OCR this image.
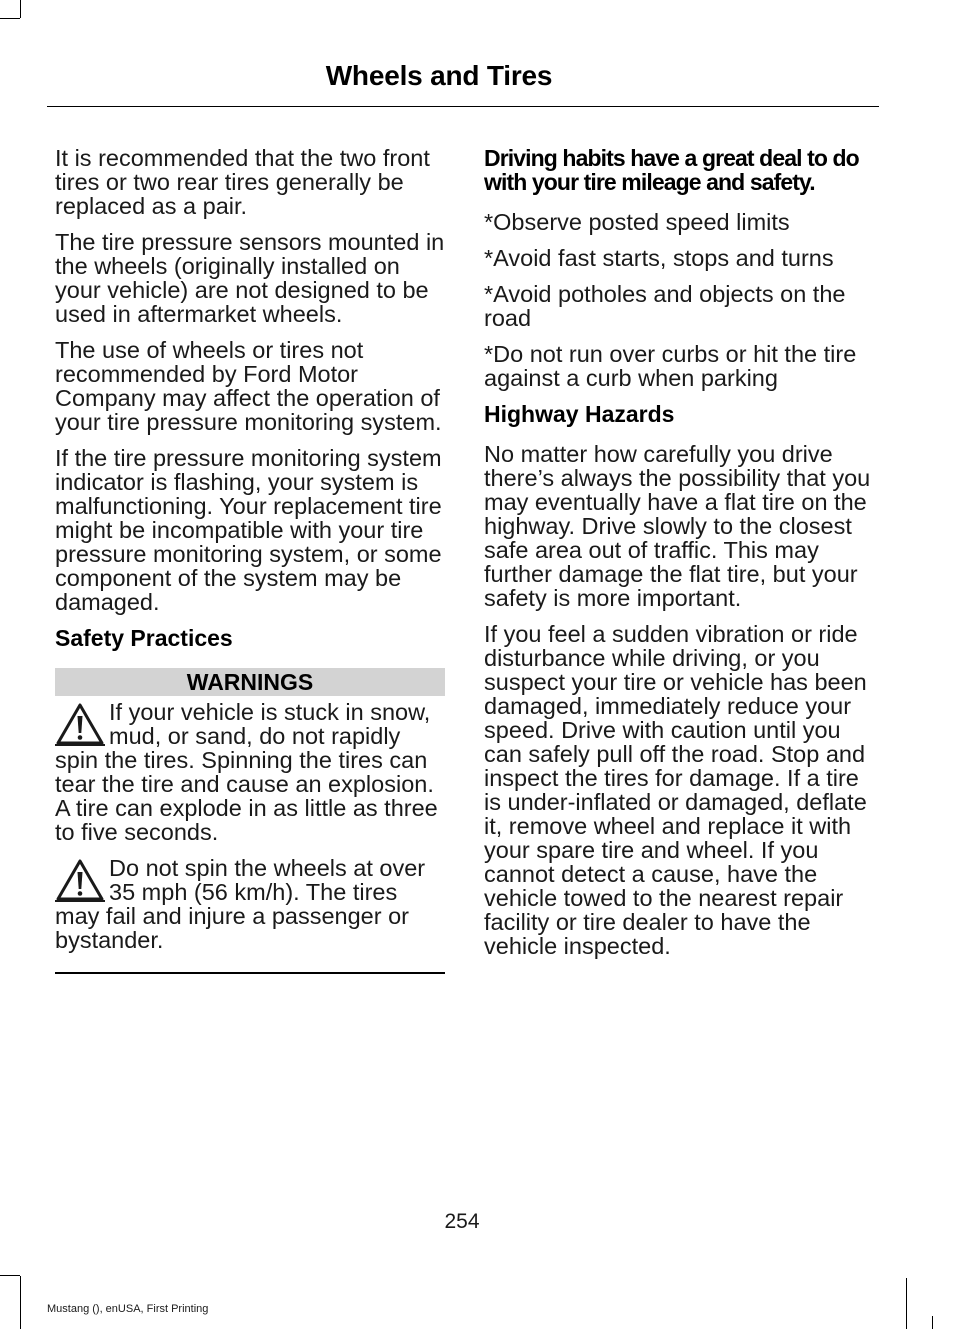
Wheels and Tires

It is recommended that the two front tires or two rear tires generally be replaced as a pair.

The tire pressure sensors mounted in the wheels (originally installed on your vehicle) are not designed to be used in aftermarket wheels.

The use of wheels or tires not recommended by Ford Motor Company may affect the operation of your tire pressure monitoring system.

If the tire pressure monitoring system indicator is flashing, your system is malfunctioning. Your replacement tire might be incompatible with your tire pressure monitoring system, or some component of the system may be damaged.

Safety Practices
WARNINGS

If your vehicle is stuck in snow, mud, or sand, do not rapidly spin the tires. Spinning the tires can tear the tire and cause an explosion. A tire can explode in as little as three to five seconds.

Do not spin the wheels at over 35 mph (56 km/h). The tires may fail and injure a passenger or bystander.

Driving habits have a great deal to do with your tire mileage and safety.

*Observe posted speed limits

*Avoid fast starts, stops and turns

*Avoid potholes and objects on the road

*Do not run over curbs or hit the tire against a curb when parking

Highway Hazards

No matter how carefully you drive there’s always the possibility that you may eventually have a flat tire on the highway. Drive slowly to the closest safe area out of traffic. This may further damage the flat tire, but your safety is more important.

If you feel a sudden vibration or ride disturbance while driving, or you suspect your tire or vehicle has been damaged, immediately reduce your speed. Drive with caution until you can safely pull off the road. Stop and inspect the tires for damage. If a tire is under-inflated or damaged, deflate it, remove wheel and replace it with your spare tire and wheel. If you cannot detect a cause, have the vehicle towed to the nearest repair facility or tire dealer to have the vehicle inspected.

254
Mustang (), enUSA, First Printing
